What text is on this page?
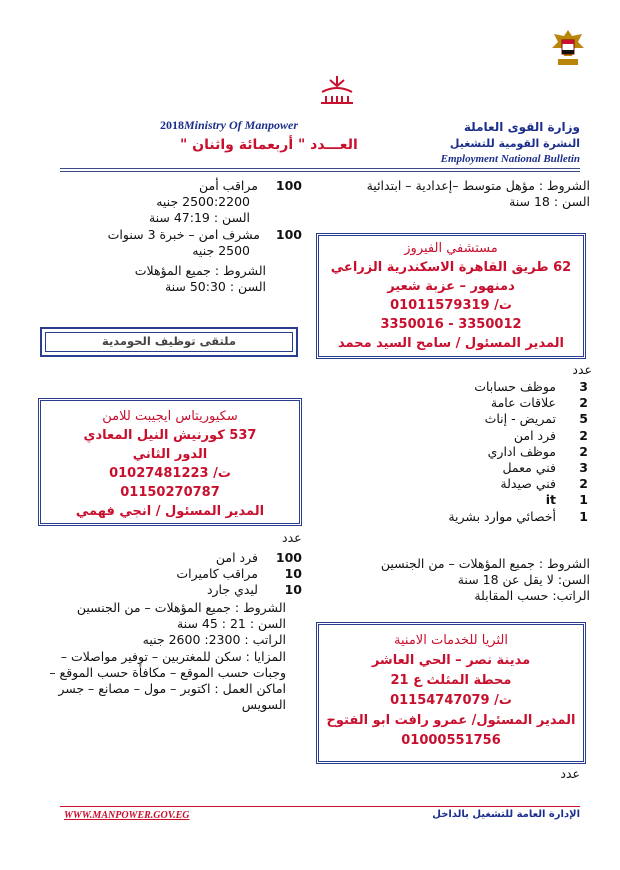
وزارة القوى العاملة
النشرة القومية للتشغيل
Employment National Bulletin
2018Ministry Of Manpower
العـــدد " أربعمائة واثنان "
الشروط : مؤهل متوسط –إعدادية – ابتدائية
السن : 18 سنة
مستشفي الفيروز
62 طريق القاهرة الاسكندرية الزراعي
دمنهور – عزبة شعير
ت/ 01011579319
3350012 - 3350016
المدير المسئول / سامح السيد محمد
عدد
3
موظف حسابات
2
علاقات عامة
5
تمريض - إناث
2
فرد امن
2
موظف اداري
3
فني معمل
2
فني صيدلة
1
it
1
أخصائي موارد بشرية
الشروط : جميع المؤهلات – من الجنسين
السن: لا يقل عن 18 سنة
الراتب: حسب المقابلة
الثريا للخدمات الامنية
مدينة نصر – الحي العاشر
محطة المثلث ع 21
ت/ 01154747079
المدير المسئول/ عمرو رافت ابو الفتوح
01000551756
عدد
100
مراقب أمن
2500:2200 جنيه
السن : 47:19 سنة
100
مشرف امن – خبرة 3 سنوات
2500 جنيه
الشروط : جميع المؤهلات
السن : 50:30 سنة
ملتقى توظيف الحومدية
سكيوريتاس ايجيبت للامن
537 كورنيش النيل المعادي
الدور الثاني
ت/ 01027481223
01150270787
المدير المسئول / انجي فهمي
عدد
100
فرد امن
10
مراقب كاميرات
10
ليدي جارد
الشروط : جميع المؤهلات – من الجنسين
السن : 21 : 45 سنة
الراتب : 2300: 2600 جنيه
المزايا : سكن للمغتربين – توفير مواصلات –
وجبات حسب الموقع – مكافأة حسب الموقع –
اماكن العمل : اكتوبر – مول – مصانع – جسر
السويس
WWW.MANPOWER.GOV.EG	الإدارة العامة للتشغيل بالداخل
